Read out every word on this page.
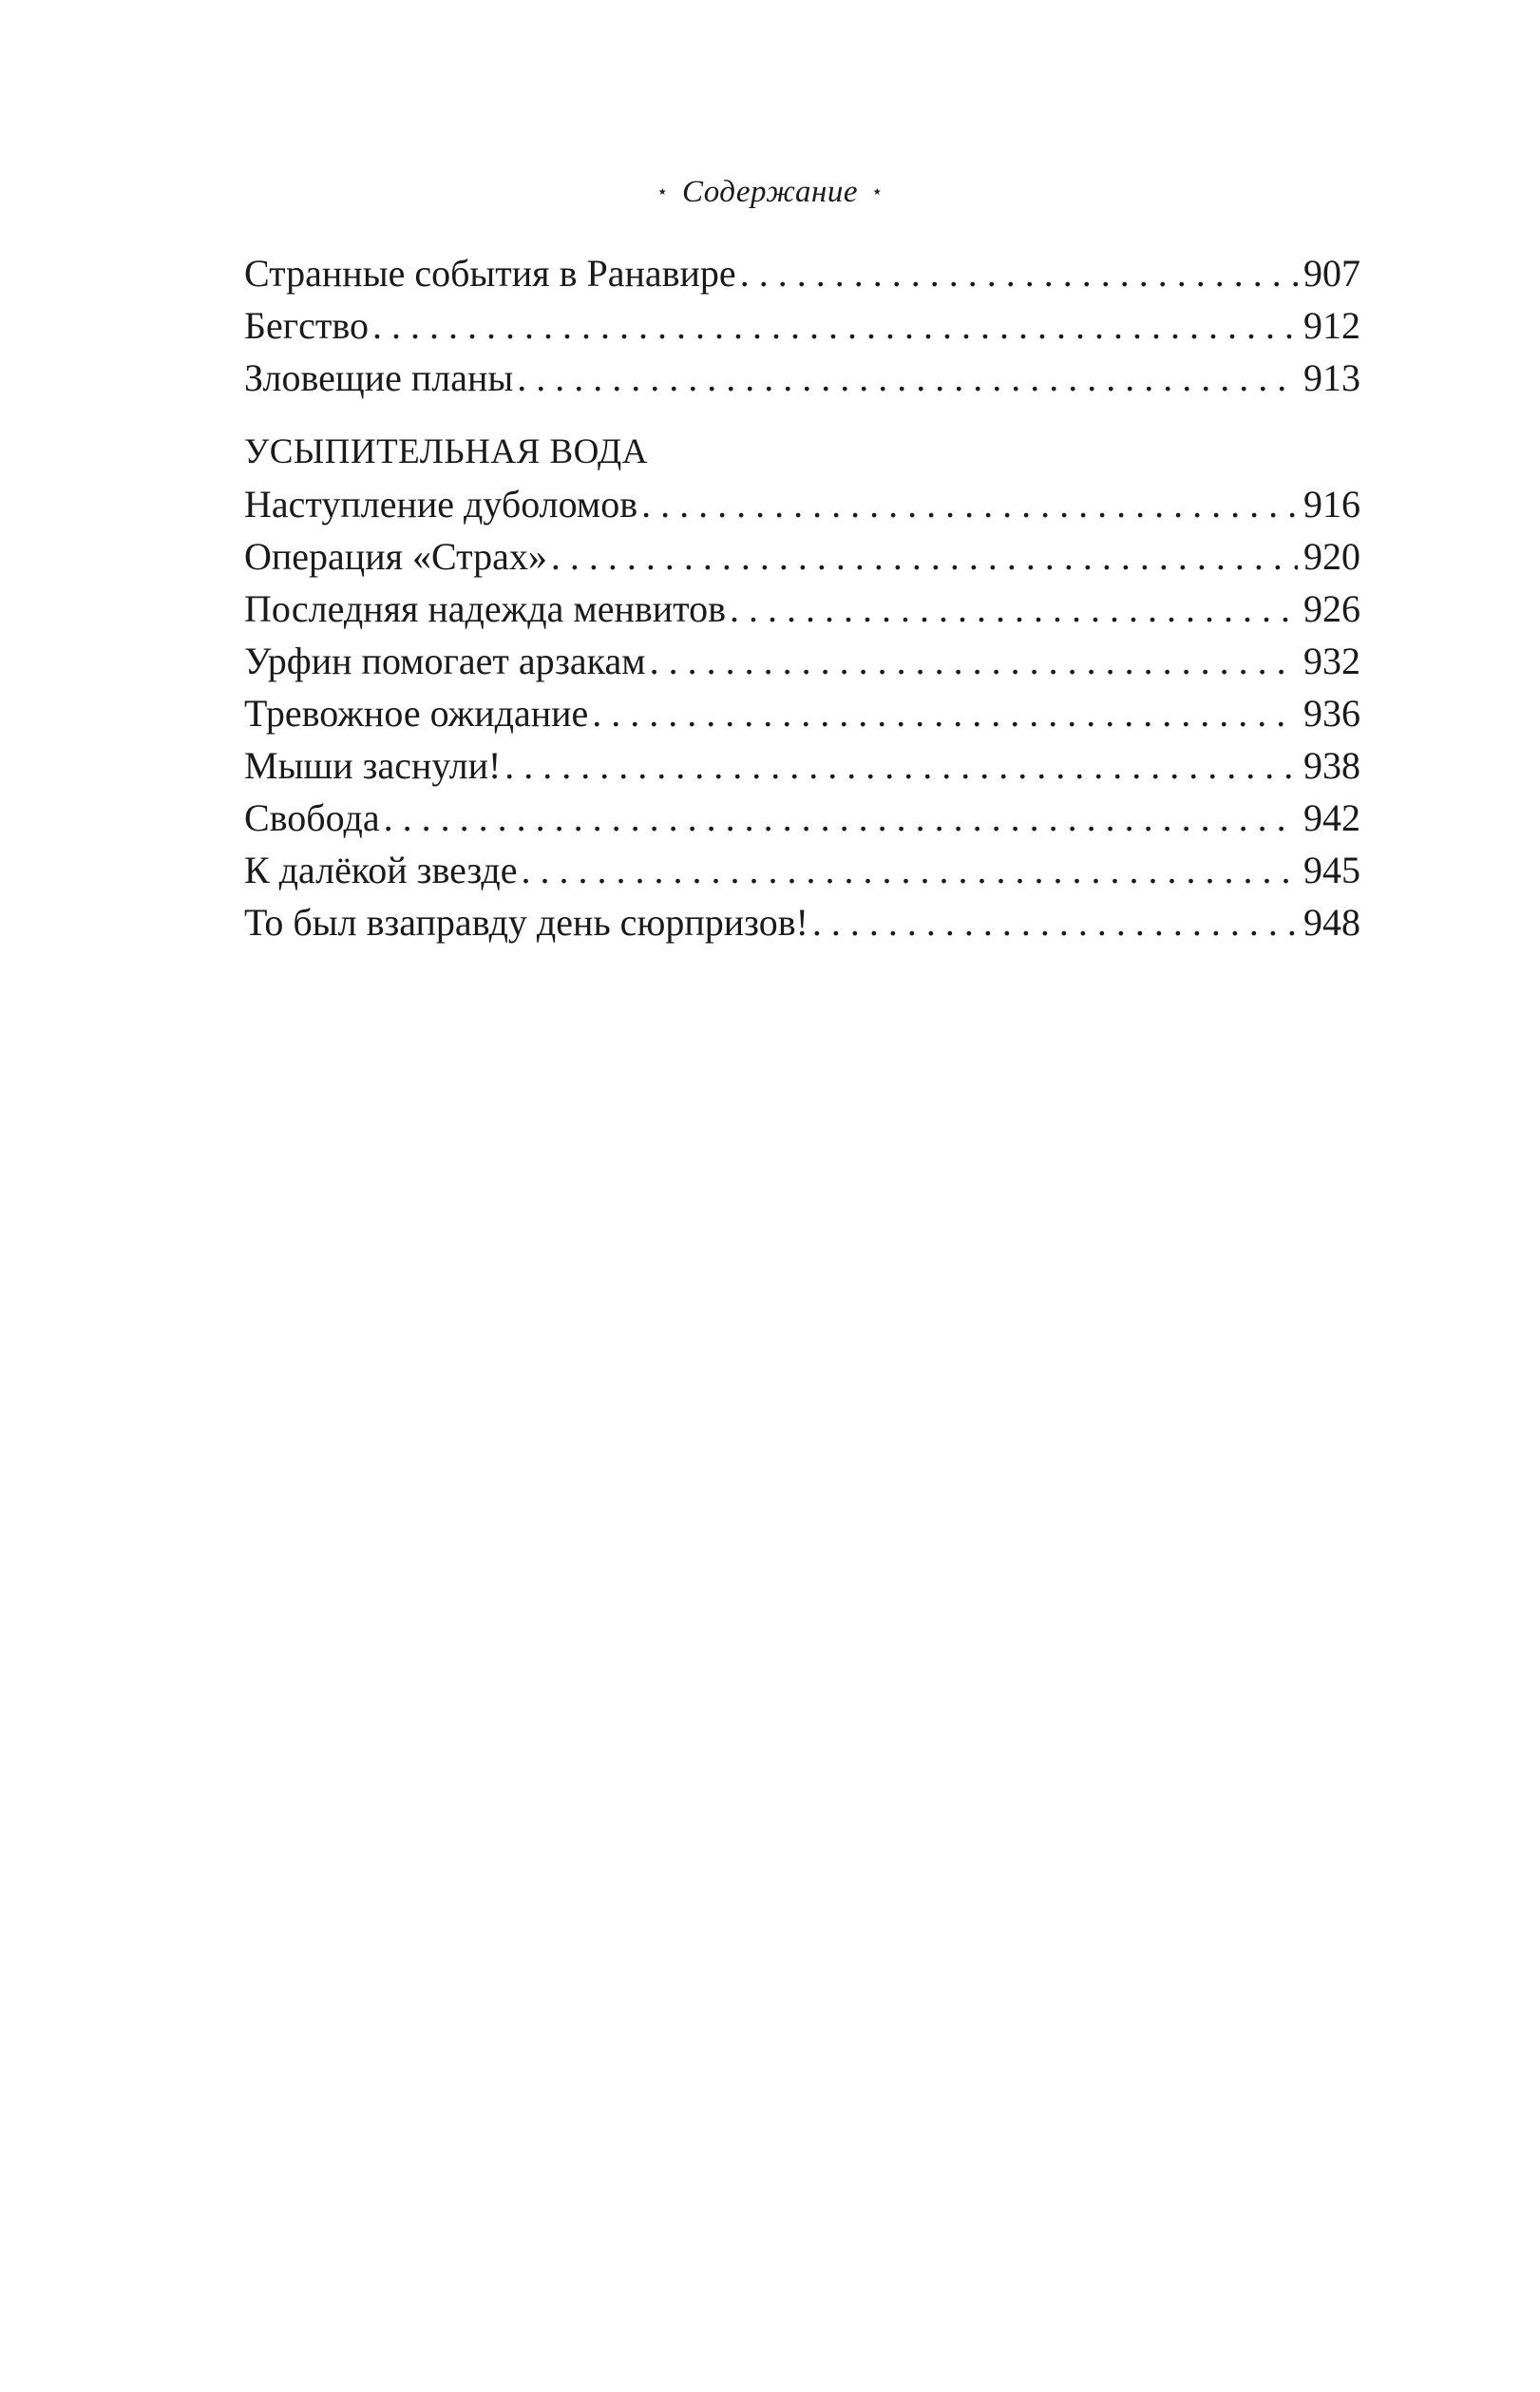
⋆ Содержание ⋆
Странные события в Ранавире . . .	907
Бегство . . .	912
Зловещие планы . . .	913
УСЫПИТЕЛЬНАЯ ВОДА
Наступление дуболомов . . .	916
Операция «Страх» . . .	920
Последняя надежда менвитов . . .	926
Урфин помогает арзакам . . .	932
Тревожное ожидание . . .	936
Мыши заснули! . . .	938
Свобода . . .	942
К далёкой звезде . . .	945
То был взаправду день сюрпризов! . . .	948
